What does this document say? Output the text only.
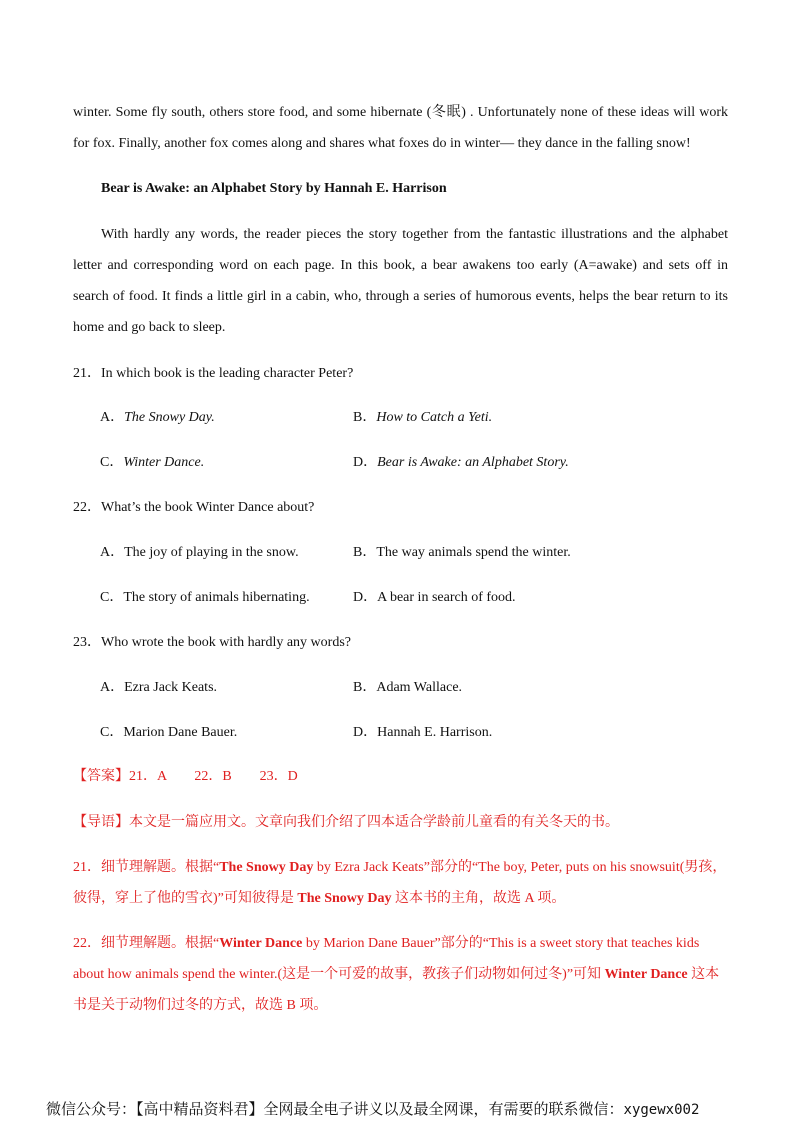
winter. Some fly south, others store food, and some hibernate (冬眠) . Unfortunately none of these ideas will work
for fox. Finally, another fox comes along and shares what foxes do in winter— they dance in the falling snow!
Bear is Awake: an Alphabet Story by Hannah E. Harrison
With hardly any words, the reader pieces the story together from the fantastic illustrations and the alphabet
letter and corresponding word on each page. In this book, a bear awakens too early (A=awake) and sets off in
search of food. It finds a little girl in a cabin, who, through a series of humorous events, helps the bear return to its
home and go back to sleep.
21．In which book is the leading character Peter?
A．The Snowy Day.	B．How to Catch a Yeti.
C．Winter Dance.	D．Bear is Awake: an Alphabet Story.
22．What’s the book Winter Dance about?
A．The joy of playing in the snow.	B．The way animals spend the winter.
C．The story of animals hibernating.	D．A bear in search of food.
23．Who wrote the book with hardly any words?
A．Ezra Jack Keats.	B．Adam Wallace.
C．Marion Dane Bauer.	D．Hannah E. Harrison.
【答案】21．A　　22．B　　23．D
【导语】本文是一篇应用文。文章向我们介绍了四本适合学龄前儿童看的有关冬天的书。
21．细节理解题。根据“The Snowy Day by Ezra Jack Keats”部分的“The boy, Peter, puts on his snowsuit(男孩，
彼得，穿上了他的雪衣)”可知彼得是 The Snowy Day 这本书的主角，故选 A 项。
22．细节理解题。根据“Winter Dance by Marion Dane Bauer”部分的“This is a sweet story that teaches kids
about how animals spend the winter.(这是一个可爱的故事，教孩子们动物如何过冬)”可知 Winter Dance 这本
书是关于动物们过冬的方式，故选 B 项。
微信公众号：【高中精品资料君】全网最全电子讲义以及最全网课，有需要的联系微信：xygewx002
